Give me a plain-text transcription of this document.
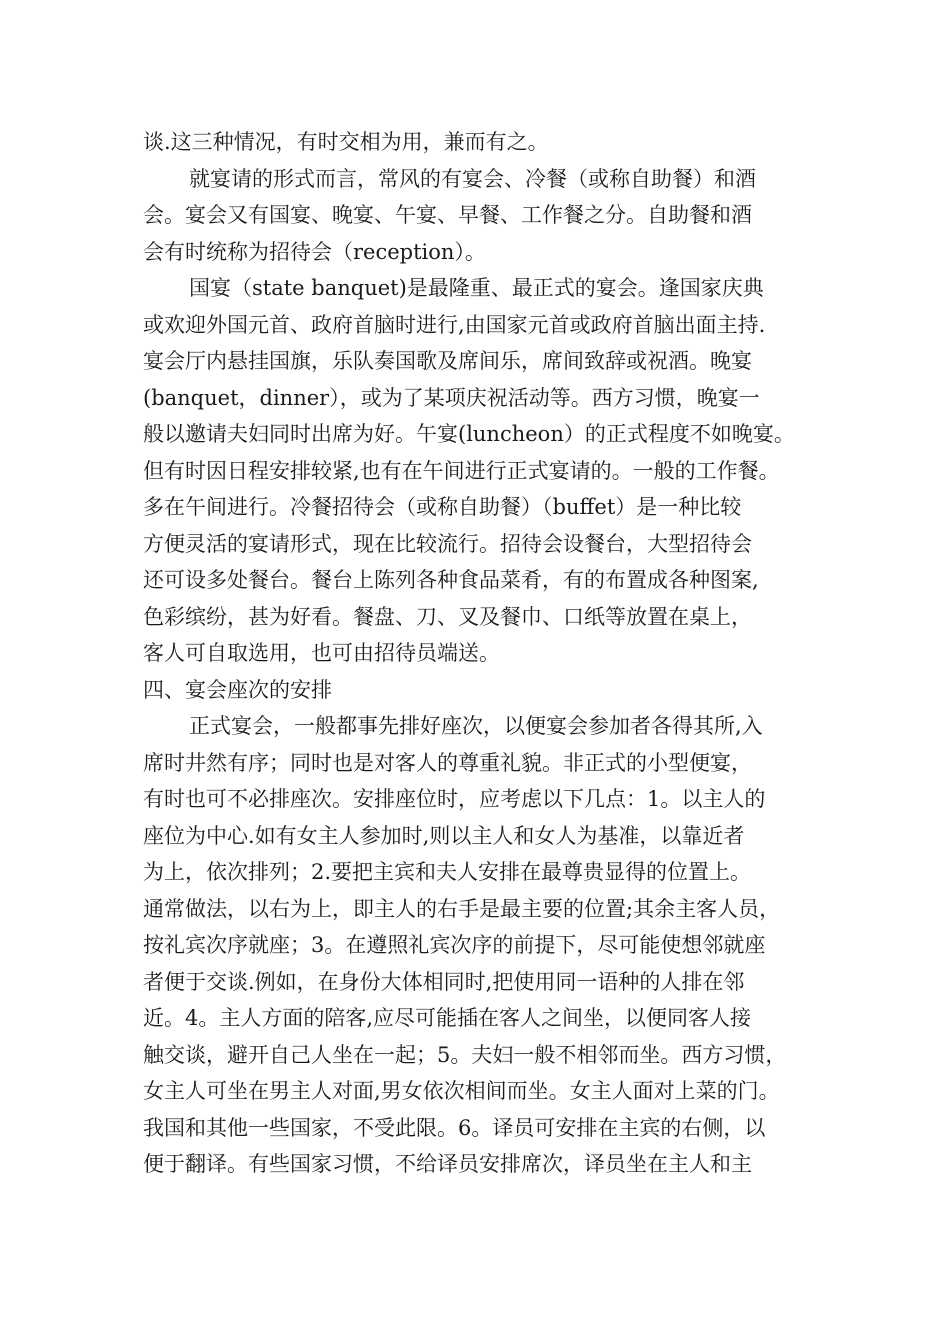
谈.这三种情况，有时交相为用，兼而有之。
就宴请的形式而言，常风的有宴会、冷餐（或称自助餐）和酒
会。宴会又有国宴、晚宴、午宴、早餐、工作餐之分。自助餐和酒
会有时统称为招待会（reception）。
国宴（state banquet)是最隆重、最正式的宴会。逢国家庆典
或欢迎外国元首、政府首脑时进行,由国家元首或政府首脑出面主持.
宴会厅内悬挂国旗，乐队奏国歌及席间乐，席间致辞或祝酒。晚宴
(banquet，dinner），或为了某项庆祝活动等。西方习惯，晚宴一
般以邀请夫妇同时出席为好。午宴(luncheon）的正式程度不如晚宴。
但有时因日程安排较紧,也有在午间进行正式宴请的。一般的工作餐。
多在午间进行。冷餐招待会（或称自助餐）（buffet）是一种比较
方便灵活的宴请形式，现在比较流行。招待会设餐台，大型招待会
还可设多处餐台。餐台上陈列各种食品菜肴，有的布置成各种图案,
色彩缤纷，甚为好看。餐盘、刀、叉及餐巾、口纸等放置在桌上，
客人可自取选用，也可由招待员端送。
四、宴会座次的安排
正式宴会，一般都事先排好座次，以便宴会参加者各得其所,入
席时井然有序；同时也是对客人的尊重礼貌。非正式的小型便宴，
有时也可不必排座次。安排座位时，应考虑以下几点：1。以主人的
座位为中心.如有女主人参加时,则以主人和女人为基准，以靠近者
为上，依次排列；2.要把主宾和夫人安排在最尊贵显得的位置上。
通常做法，以右为上，即主人的右手是最主要的位置;其余主客人员，
按礼宾次序就座；3。在遵照礼宾次序的前提下，尽可能使想邻就座
者便于交谈.例如，在身份大体相同时,把使用同一语种的人排在邻
近。4。主人方面的陪客,应尽可能插在客人之间坐，以便同客人接
触交谈，避开自己人坐在一起；5。夫妇一般不相邻而坐。西方习惯，
女主人可坐在男主人对面,男女依次相间而坐。女主人面对上菜的门。
我国和其他一些国家，不受此限。6。译员可安排在主宾的右侧，以
便于翻译。有些国家习惯，不给译员安排席次，译员坐在主人和主
